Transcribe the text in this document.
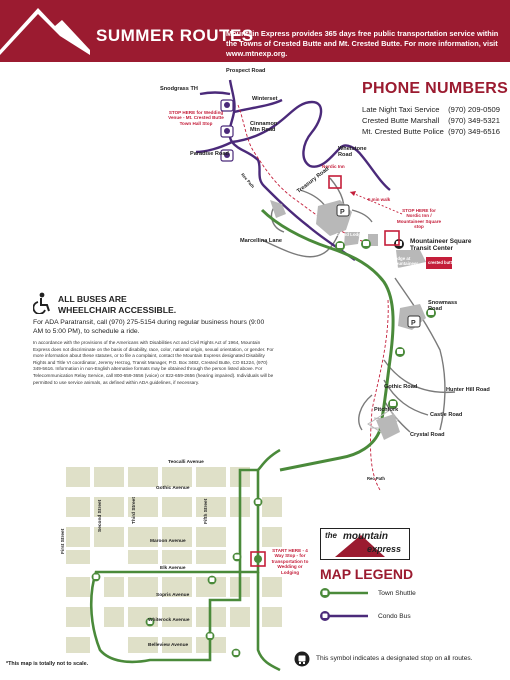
SUMMER ROUTES
Mountain Express provides 365 days free public transportation service within the Towns of Crested Butte and Mt. Crested Butte. For more information, visit www.mtnexp.org.
PHONE NUMBERS
Late Night Taxi Service (970) 209-0509
Crested Butte Marshall (970) 349-5321
Mt. Crested Butte Police (970) 349-6516
P
P
Prospect Road
Snodgrass TH
Winterset
Cinnamon Mtn Road
Paradise Road
Whetstone Road
Nordic Inn
Treasury Road
5 min walk
Marcellina Lane
Grand Lodge
Mountaineer Square Transit Center
Lodge at Mountaineer Square
crested butte
Snowmass Road
Gothic Road	Hunter Hill Road
Castle Road
Pitchfork
Crystal Road
Rec Path
Rec Path
STOP HERE for Wedding Venue - Mt. Crested Butte Town Hall Stop
STOP HERE for Nordic Inn / Mountaineer Square stop
ALL BUSES ARE
WHEELCHAIR ACCESSIBLE.
For ADA Paratransit, call (970) 275-5154 during regular business hours (9:00 AM to 5:00 PM), to schedule a ride.
In accordance with the provisions of the Americans with Disabilities Act and Civil Rights Act of 1964, Mountain Express does not discriminate on the basis of disability, race, color, national origin, sexual orientation, or gender. For more information about these statutes, or to file a complaint, contact the Mountain Express designated Disability Rights and Title VI coordinator, Jeremy Herzog, Transit Manager, P.O. Box 3482, Crested Butte, CO 81224, (970) 349-5616. Information in non-English alternative formats may be obtained through the person listed above. For Telecommunication Relay Service, call 800-659-3656 (voice) or 822-659-2656 (hearing impaired). Individuals will be permitted to use service animals, as defined within ADA guidelines, if necessary.
Teocalli Avenue
Gothic Avenue
Maroon Avenue
Elk Avenue
Sopris Avenue
Whiterock Avenue
Belleview Avenue
First Street
Second Street	Third Street	Fifth Street
START HERE - 4 Way Stop - for transportation to Wedding or Lodging
the mountain
express
MAP LEGEND
Town Shuttle
Condo Bus
This symbol indicates a designated stop on all routes.
*This map is totally not to scale.
